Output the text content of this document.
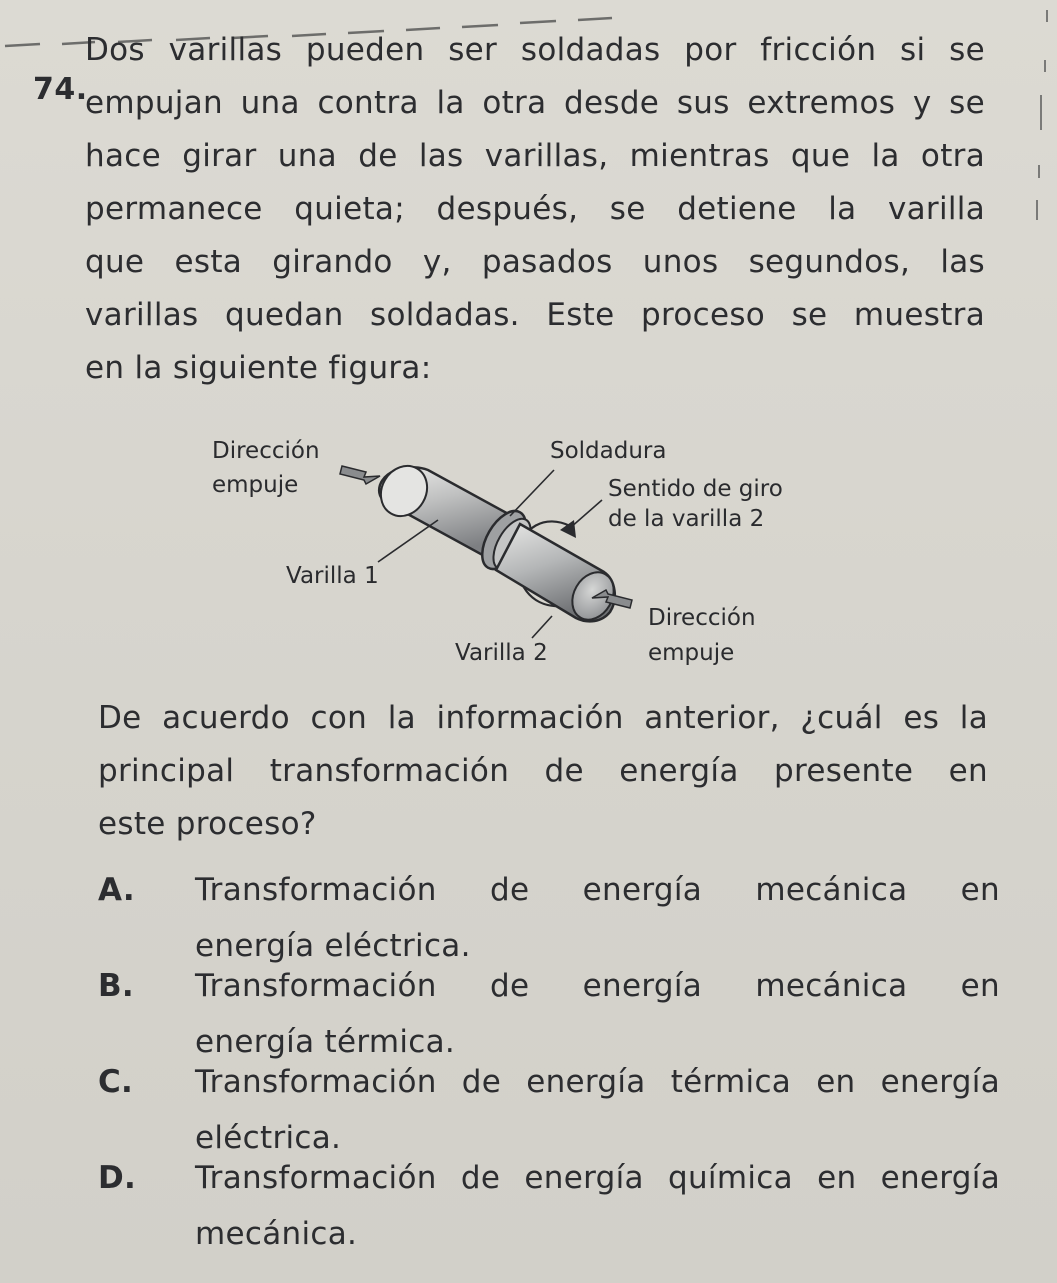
74.
Dos varillas pueden ser soldadas por fricción si se
empujan una contra la otra desde sus extremos y se
hace girar una de las varillas, mientras que la otra
permanece quieta; después, se detiene la varilla
que esta girando y, pasados unos segundos, las
varillas quedan soldadas. Este proceso se muestra
en la siguiente figura:
Dirección
empuje
Soldadura
Sentido de giro
de la varilla 2
Varilla 1
Dirección
Varilla 2	empuje
De acuerdo con la información anterior, ¿cuál es la
principal transformación de energía presente en
este proceso?
A. Transformación de energía mecánica en
energía eléctrica.
B. Transformación de energía mecánica en
energía térmica.
C. Transformación de energía térmica en energía
eléctrica.
D. Transformación de energía química en energía
mecánica.
